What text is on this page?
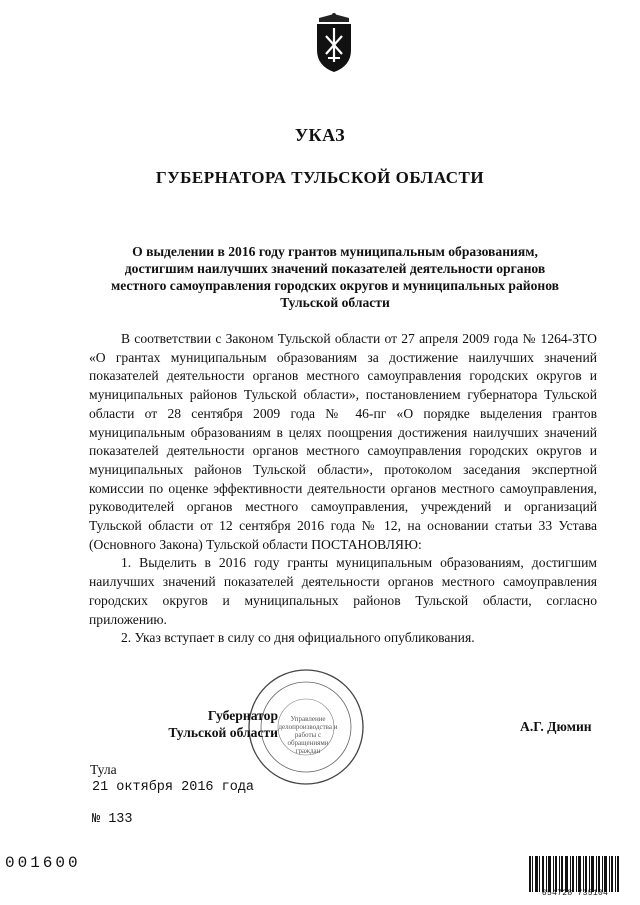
УКАЗ
ГУБЕРНАТОРА ТУЛЬСКОЙ ОБЛАСТИ
О выделении в 2016 году грантов муниципальным образованиям,
достигшим наилучших значений показателей деятельности органов
местного самоуправления городских округов и муниципальных районов
Тульской области

В соответствии с Законом Тульской области от 27 апреля 2009 года № 1264-ЗТО «О грантах муниципальным образованиям за достижение наилучших значений показателей деятельности органов местного самоуправления городских округов и муниципальных районов Тульской области», постановлением губернатора Тульской области от 28 сентября 2009 года № 46-пг «О порядке выделения грантов муниципальным образованиям в целях поощрения достижения наилучших значений показателей деятельности органов местного самоуправления городских округов и муниципальных районов Тульской области», протоколом заседания экспертной комиссии по оценке эффективности деятельности органов местного самоуправления, руководителей органов местного самоуправления, учреждений и организаций Тульской области от 12 сентября 2016 года № 12, на основании статьи 33 Устава (Основного Закона) Тульской области ПОСТАНОВЛЯЮ:

1. Выделить в 2016 году гранты муниципальным образованиям, достигшим наилучших значений показателей деятельности органов местного самоуправления городских округов и муниципальных районов Тульской области, согласно приложению.

2. Указ вступает в силу со дня официального опубликования.

Управление делопроизводства и работы с обращениями граждан
Губернатор
Тульской области	А.Г. Дюмин
Тула
21 октября 2016 года
№ 133
001600
654728 735104
